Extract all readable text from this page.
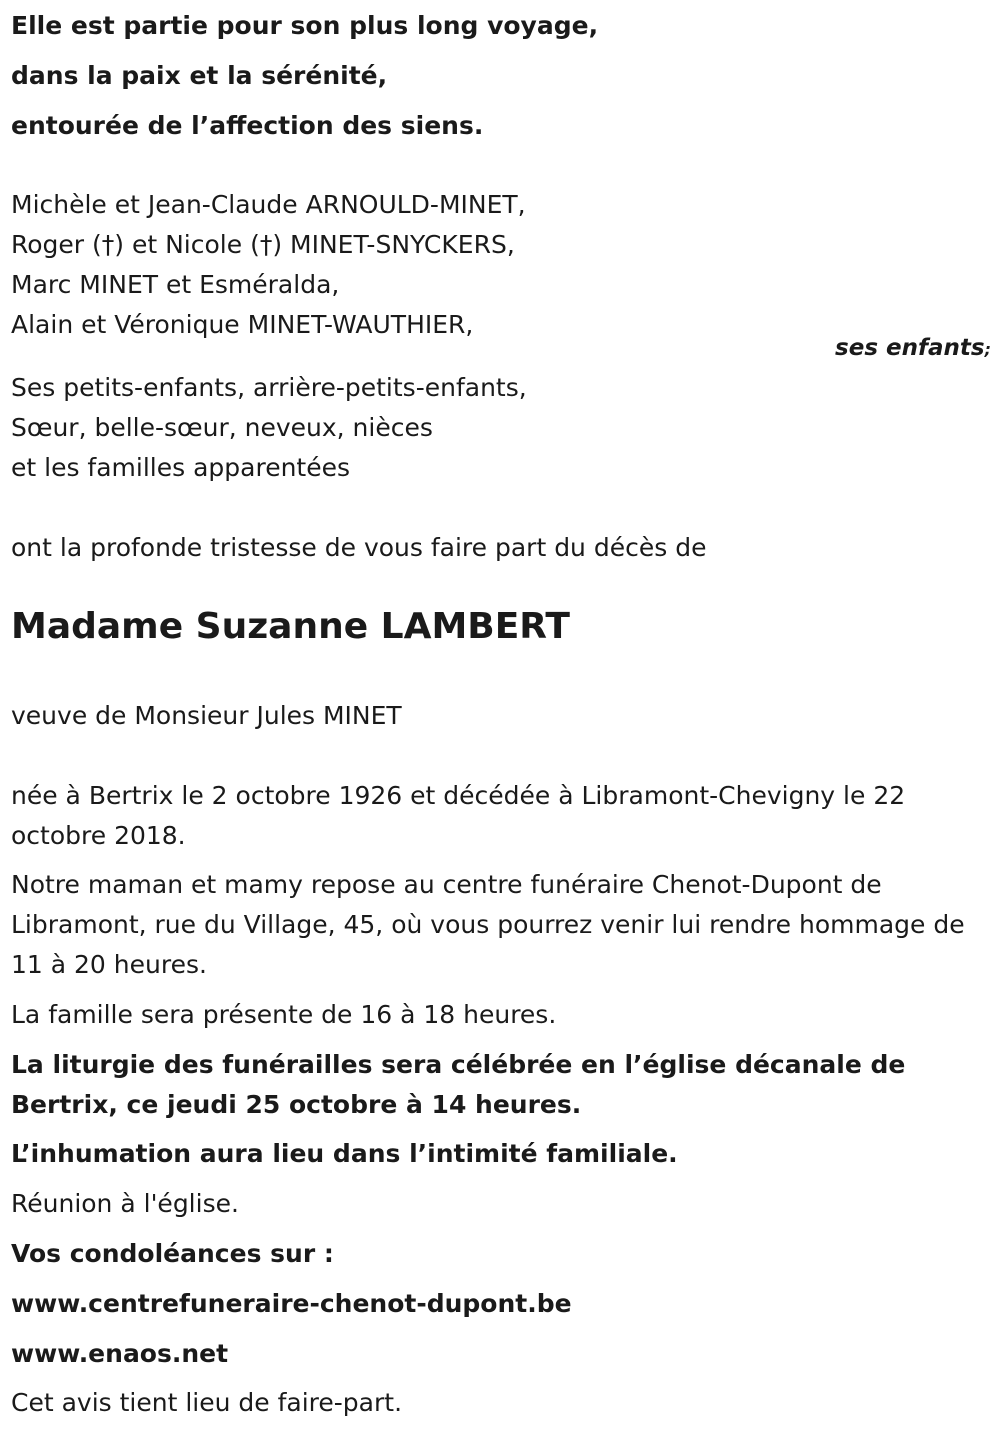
Elle est partie pour son plus long voyage,
dans la paix et la sérénité,
entourée de l’affection des siens.
Michèle et Jean-Claude ARNOULD-MINET,
Roger (†) et Nicole (†) MINET-SNYCKERS,
Marc MINET et Esméralda,
Alain et Véronique MINET-WAUTHIER,
ses enfants;
Ses petits-enfants, arrière-petits-enfants,
Sœur, belle-sœur, neveux, nièces
et les familles apparentées
ont la profonde tristesse de vous faire part du décès de
Madame Suzanne LAMBERT
veuve de Monsieur Jules MINET
née à Bertrix le 2 octobre 1926 et décédée à Libramont-Chevigny le 22 octobre 2018.
Notre maman et mamy repose au centre funéraire Chenot-Dupont de Libramont, rue du Village, 45, où vous pourrez venir lui rendre hommage de 11 à 20 heures.
La famille sera présente de 16 à 18 heures.
La liturgie des funérailles sera célébrée en l’église décanale de Bertrix, ce jeudi 25 octobre à 14 heures.
L’inhumation aura lieu dans l’intimité familiale.
Réunion à l'église.
Vos condoléances sur :
www.centrefuneraire-chenot-dupont.be
www.enaos.net
Cet avis tient lieu de faire-part.
